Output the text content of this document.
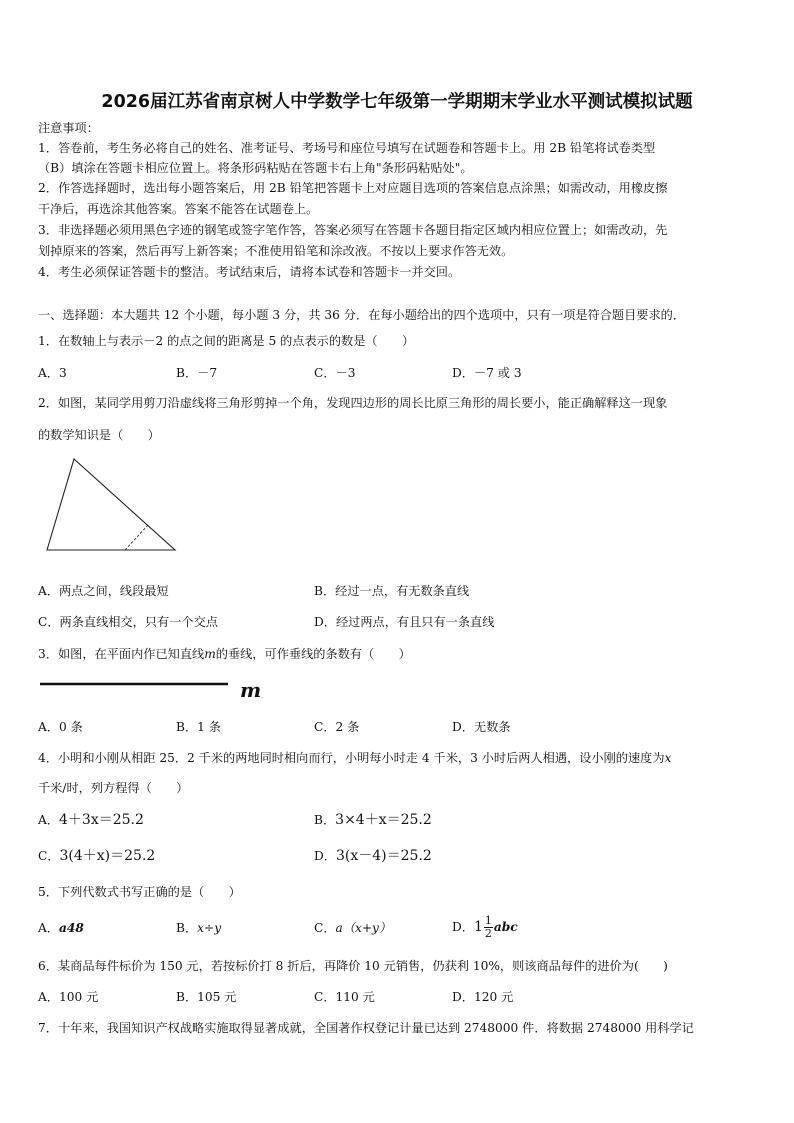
2026届江苏省南京树人中学数学七年级第一学期期末学业水平测试模拟试题
注意事项：
1．答卷前，考生务必将自己的姓名、准考证号、考场号和座位号填写在试题卷和答题卡上。用 2B 铅笔将试卷类型
（B）填涂在答题卡相应位置上。将条形码粘贴在答题卡右上角"条形码粘贴处"。
2．作答选择题时，选出每小题答案后，用 2B 铅笔把答题卡上对应题目选项的答案信息点涂黑；如需改动，用橡皮擦
干净后，再选涂其他答案。答案不能答在试题卷上。
3．非选择题必须用黑色字迹的钢笔或签字笔作答，答案必须写在答题卡各题目指定区域内相应位置上；如需改动，先
划掉原来的答案，然后再写上新答案；不准使用铅笔和涂改液。不按以上要求作答无效。
4．考生必须保证答题卡的整洁。考试结束后，请将本试卷和答题卡一并交回。
一、选择题：本大题共 12 个小题，每小题 3 分，共 36 分．在每小题给出的四个选项中，只有一项是符合题目要求的．
1．在数轴上与表示－2 的点之间的距离是 5 的点表示的数是（　　）
A．3	B．－7	C．－3	D．－7 或 3
2．如图，某同学用剪刀沿虚线将三角形剪掉一个角，发现四边形的周长比原三角形的周长要小，能正确解释这一现象
的数学知识是（　　）
A．两点之间，线段最短	B．经过一点，有无数条直线
C．两条直线相交，只有一个交点	D．经过两点，有且只有一条直线
3．如图，在平面内作已知直线m的垂线，可作垂线的条数有（　　）
m
A．0 条	B．1 条	C．2 条	D．无数条
4．小明和小刚从相距 25．2 千米的两地同时相向而行，小明每小时走 4 千米，3 小时后两人相遇，设小刚的速度为x
千米/时，列方程得（　　）
A．4＋3x＝25.2	B．3×4＋x＝25.2
C．3(4＋x)＝25.2	D．3(x－4)＝25.2
5．下列代数式书写正确的是（　　）
A．a48	B．x÷y	C．a（x+y）	D．$1 \frac{1}{2}$ abc
6．某商品每件标价为 150 元，若按标价打 8 折后，再降价 10 元销售，仍获利 10%，则该商品每件的进价为(　　)
A．100 元	B．105 元	C．110 元	D．120 元
7．十年来，我国知识产权战略实施取得显著成就，全国著作权登记计量已达到 2748000 件．将数据 2748000 用科学记
